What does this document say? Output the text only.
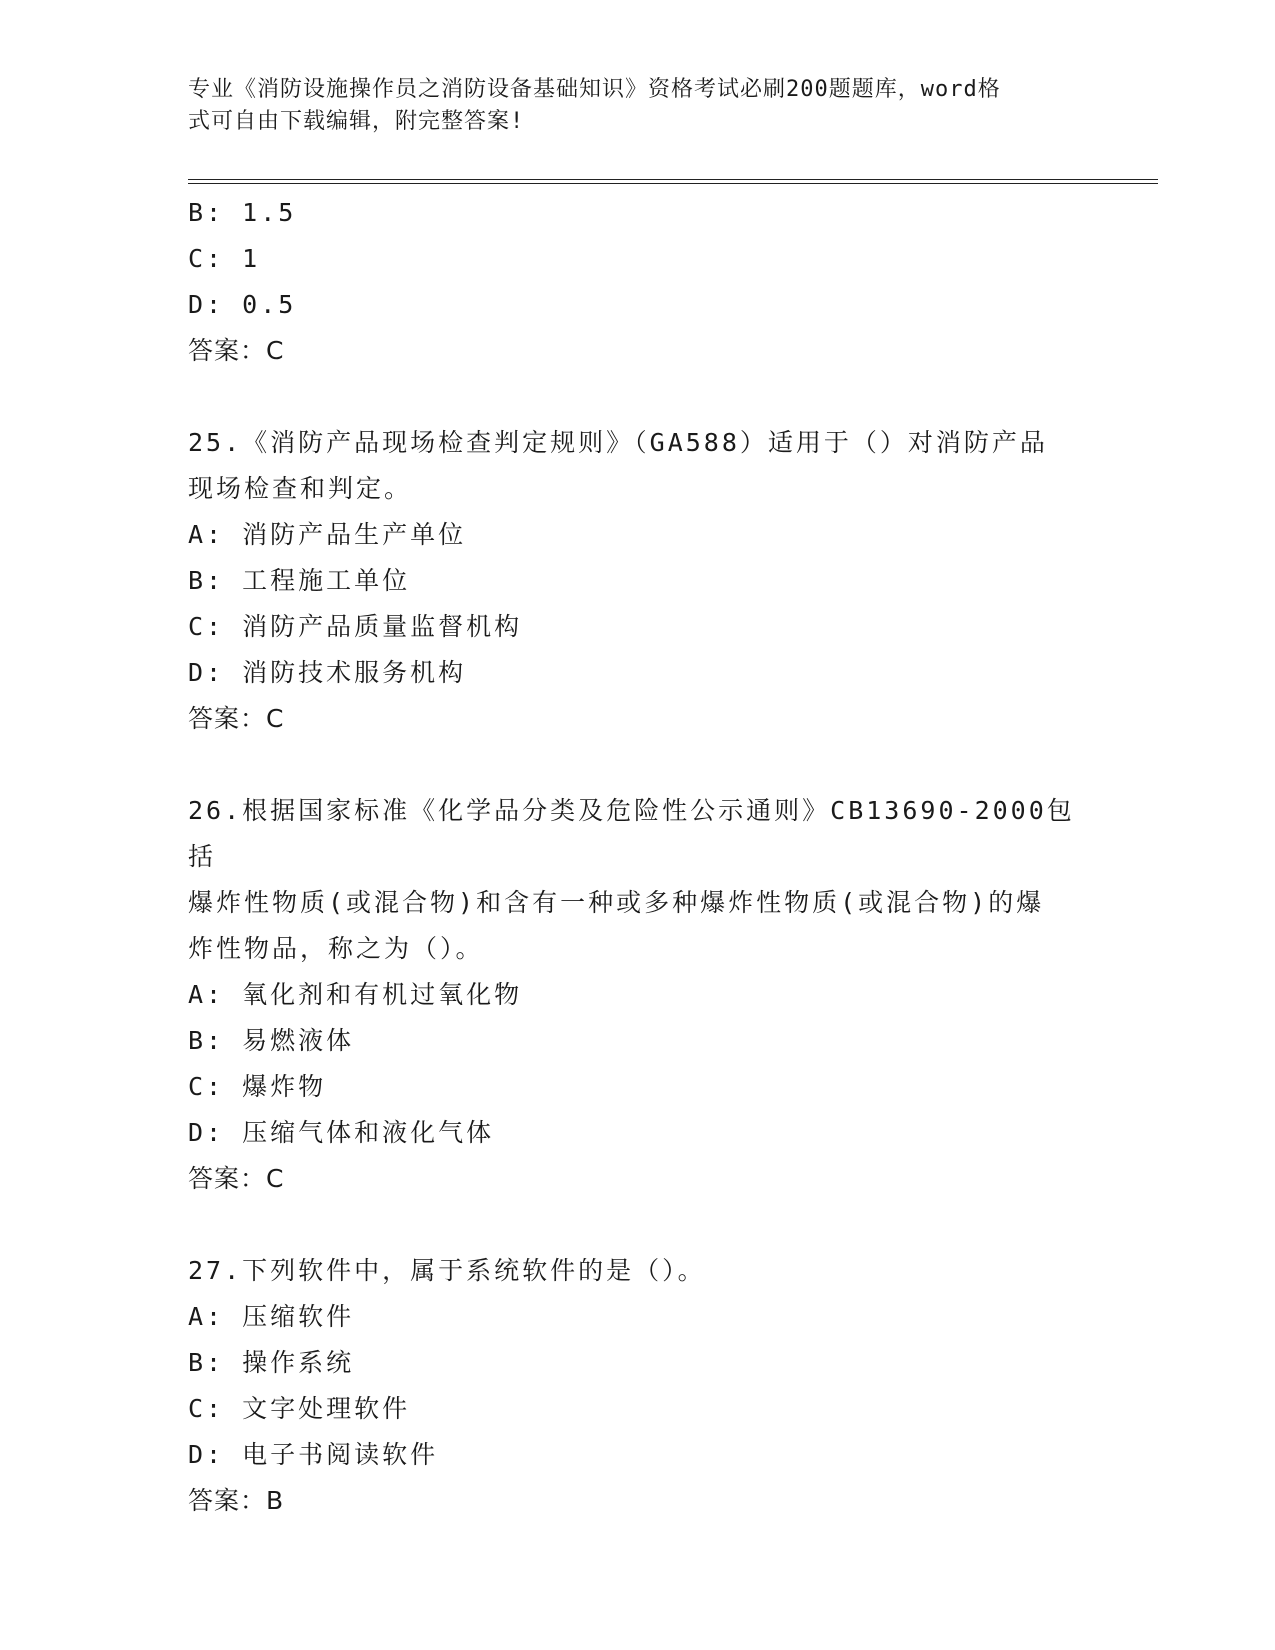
专业《消防设施操作员之消防设备基础知识》资格考试必刷200题题库，word格
式可自由下载编辑，附完整答案!
B: 1.5
C: 1
D: 0.5
答案：C
25.《消防产品现场检查判定规则》（GA588）适用于（）对消防产品
现场检查和判定。
A: 消防产品生产单位
B: 工程施工单位
C: 消防产品质量监督机构
D: 消防技术服务机构
答案：C
26.根据国家标准《化学品分类及危险性公示通则》CB13690-2000包括
爆炸性物质(或混合物)和含有一种或多种爆炸性物质(或混合物)的爆
炸性物品，称之为（）。
A: 氧化剂和有机过氧化物
B: 易燃液体
C: 爆炸物
D: 压缩气体和液化气体
答案：C
27.下列软件中，属于系统软件的是（）。
A: 压缩软件
B: 操作系统
C: 文字处理软件
D: 电子书阅读软件
答案：B
